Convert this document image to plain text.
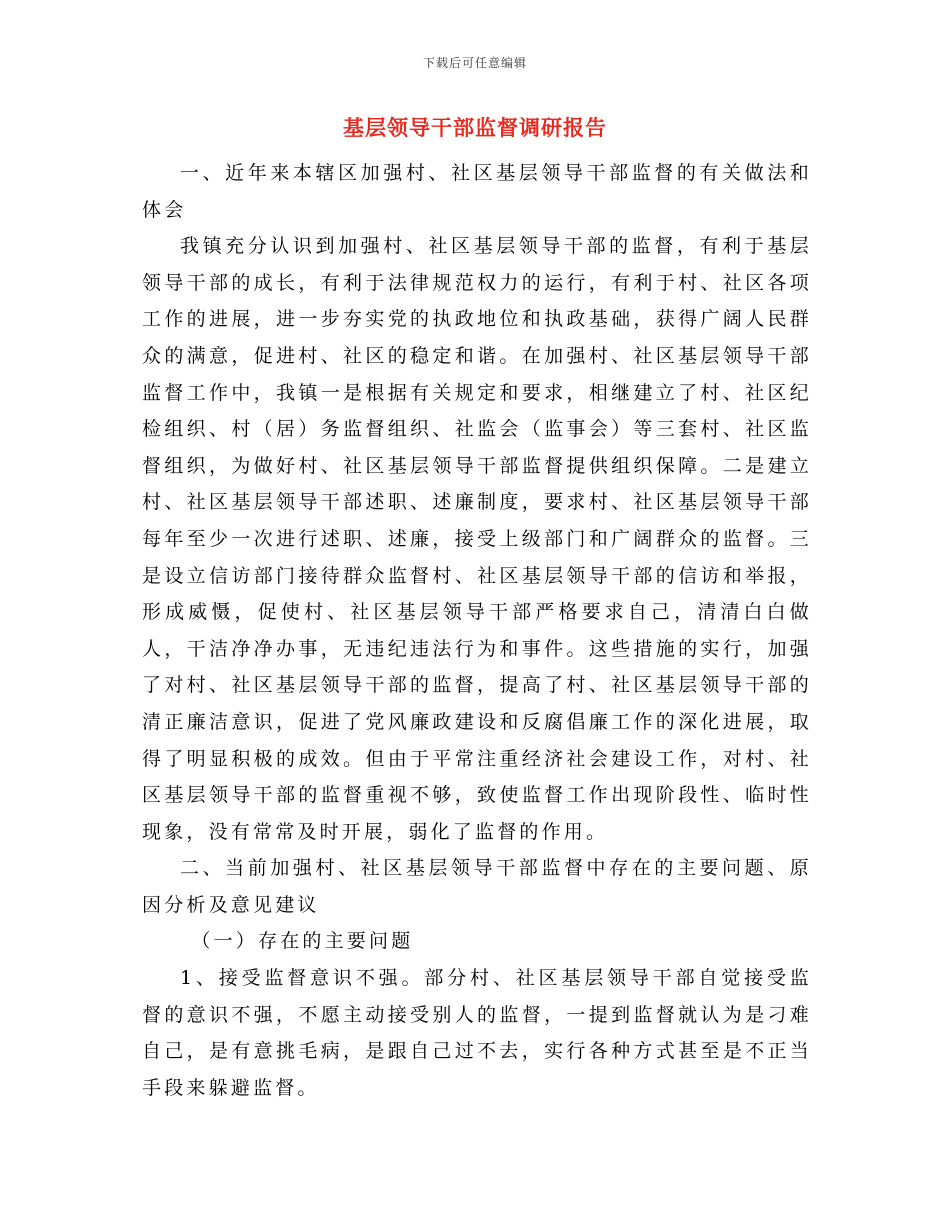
下载后可任意编辑
基层领导干部监督调研报告

一、近年来本辖区加强村、社区基层领导干部监督的有关做法和体会

我镇充分认识到加强村、社区基层领导干部的监督，有利于基层领导干部的成长，有利于法律规范权力的运行，有利于村、社区各项工作的进展，进一步夯实党的执政地位和执政基础，获得广阔人民群众的满意，促进村、社区的稳定和谐。在加强村、社区基层领导干部监督工作中，我镇一是根据有关规定和要求，相继建立了村、社区纪检组织、村（居）务监督组织、社监会（监事会）等三套村、社区监督组织，为做好村、社区基层领导干部监督提供组织保障。二是建立村、社区基层领导干部述职、述廉制度，要求村、社区基层领导干部每年至少一次进行述职、述廉，接受上级部门和广阔群众的监督。三是设立信访部门接待群众监督村、社区基层领导干部的信访和举报，形成威慑，促使村、社区基层领导干部严格要求自己，清清白白做人，干洁净净办事，无违纪违法行为和事件。这些措施的实行，加强了对村、社区基层领导干部的监督，提高了村、社区基层领导干部的清正廉洁意识，促进了党风廉政建设和反腐倡廉工作的深化进展，取得了明显积极的成效。但由于平常注重经济社会建设工作，对村、社区基层领导干部的监督重视不够，致使监督工作出现阶段性、临时性现象，没有常常及时开展，弱化了监督的作用。

二、当前加强村、社区基层领导干部监督中存在的主要问题、原因分析及意见建议

（一）存在的主要问题

1、接受监督意识不强。部分村、社区基层领导干部自觉接受监督的意识不强，不愿主动接受别人的监督，一提到监督就认为是刁难自己，是有意挑毛病，是跟自己过不去，实行各种方式甚至是不正当手段来躲避监督。
